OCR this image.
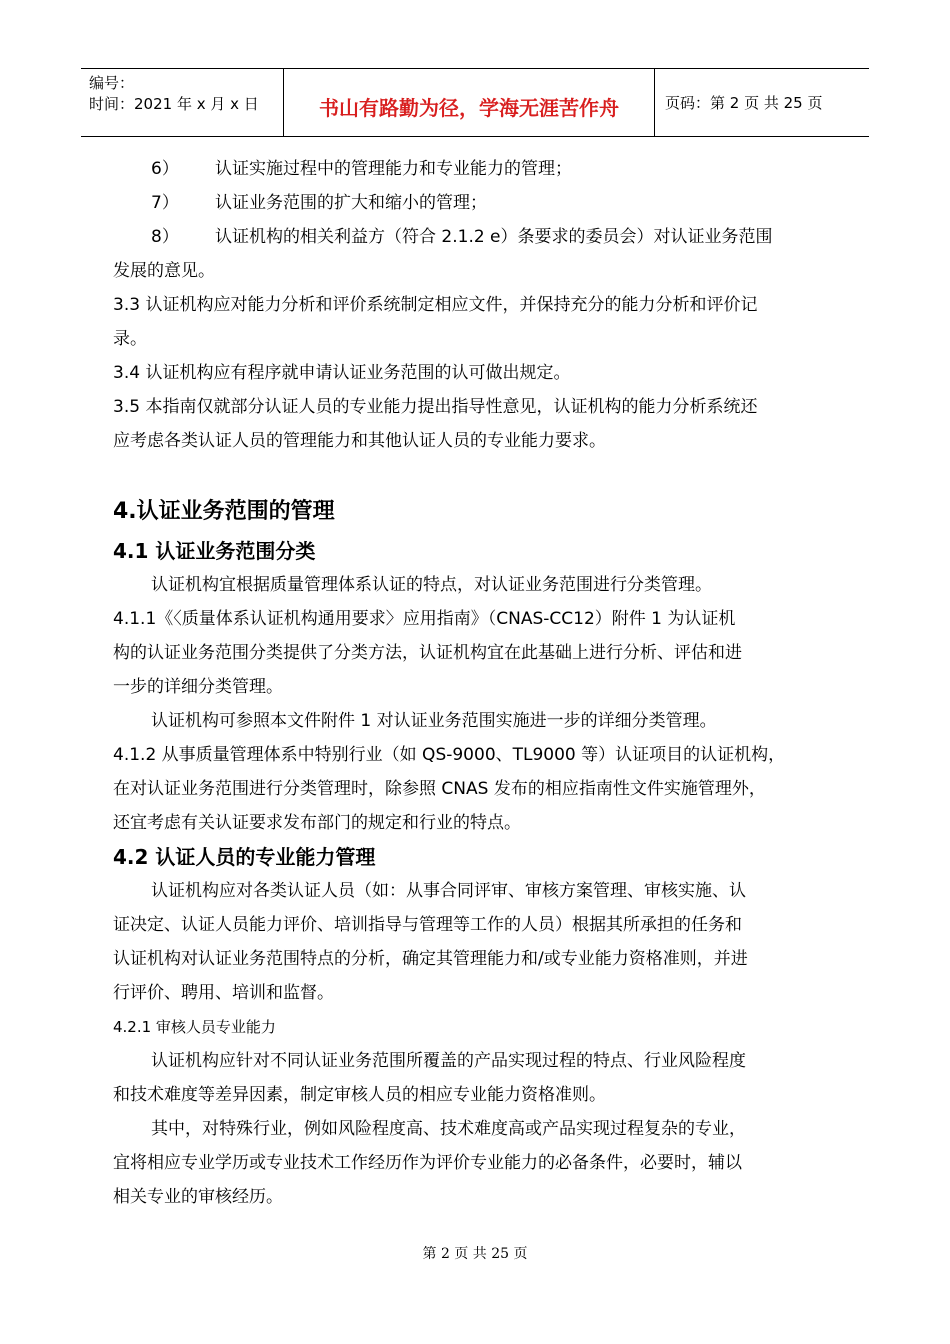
编号：
时间：2021 年 x 月 x 日	书山有路勤为径，学海无涯苦作舟	页码：第 2 页 共 25 页
6） 认证实施过程中的管理能力和专业能力的管理；
7） 认证业务范围的扩大和缩小的管理；
8） 认证机构的相关利益方（符合 2.1.2 e）条要求的委员会）对认证业务范围
发展的意见。
3.3 认证机构应对能力分析和评价系统制定相应文件，并保持充分的能力分析和评价记
录。
3.4 认证机构应有程序就申请认证业务范围的认可做出规定。
3.5 本指南仅就部分认证人员的专业能力提出指导性意见，认证机构的能力分析系统还
应考虑各类认证人员的管理能力和其他认证人员的专业能力要求。
4.认证业务范围的管理
4.1 认证业务范围分类
认证机构宜根据质量管理体系认证的特点，对认证业务范围进行分类管理。
4.1.1《〈质量体系认证机构通用要求〉应用指南》（CNAS-CC12）附件 1 为认证机
构的认证业务范围分类提供了分类方法，认证机构宜在此基础上进行分析、评估和进
一步的详细分类管理。
认证机构可参照本文件附件 1 对认证业务范围实施进一步的详细分类管理。
4.1.2 从事质量管理体系中特别行业（如 QS-9000、TL9000 等）认证项目的认证机构，
在对认证业务范围进行分类管理时，除参照 CNAS 发布的相应指南性文件实施管理外，
还宜考虑有关认证要求发布部门的规定和行业的特点。
4.2 认证人员的专业能力管理
认证机构应对各类认证人员（如：从事合同评审、审核方案管理、审核实施、认
证决定、认证人员能力评价、培训指导与管理等工作的人员）根据其所承担的任务和
认证机构对认证业务范围特点的分析，确定其管理能力和/或专业能力资格准则，并进
行评价、聘用、培训和监督。
4.2.1 审核人员专业能力
认证机构应针对不同认证业务范围所覆盖的产品实现过程的特点、行业风险程度
和技术难度等差异因素，制定审核人员的相应专业能力资格准则。
其中，对特殊行业，例如风险程度高、技术难度高或产品实现过程复杂的专业，
宜将相应专业学历或专业技术工作经历作为评价专业能力的必备条件，必要时，辅以
相关专业的审核经历。
第 2 页 共 25 页
